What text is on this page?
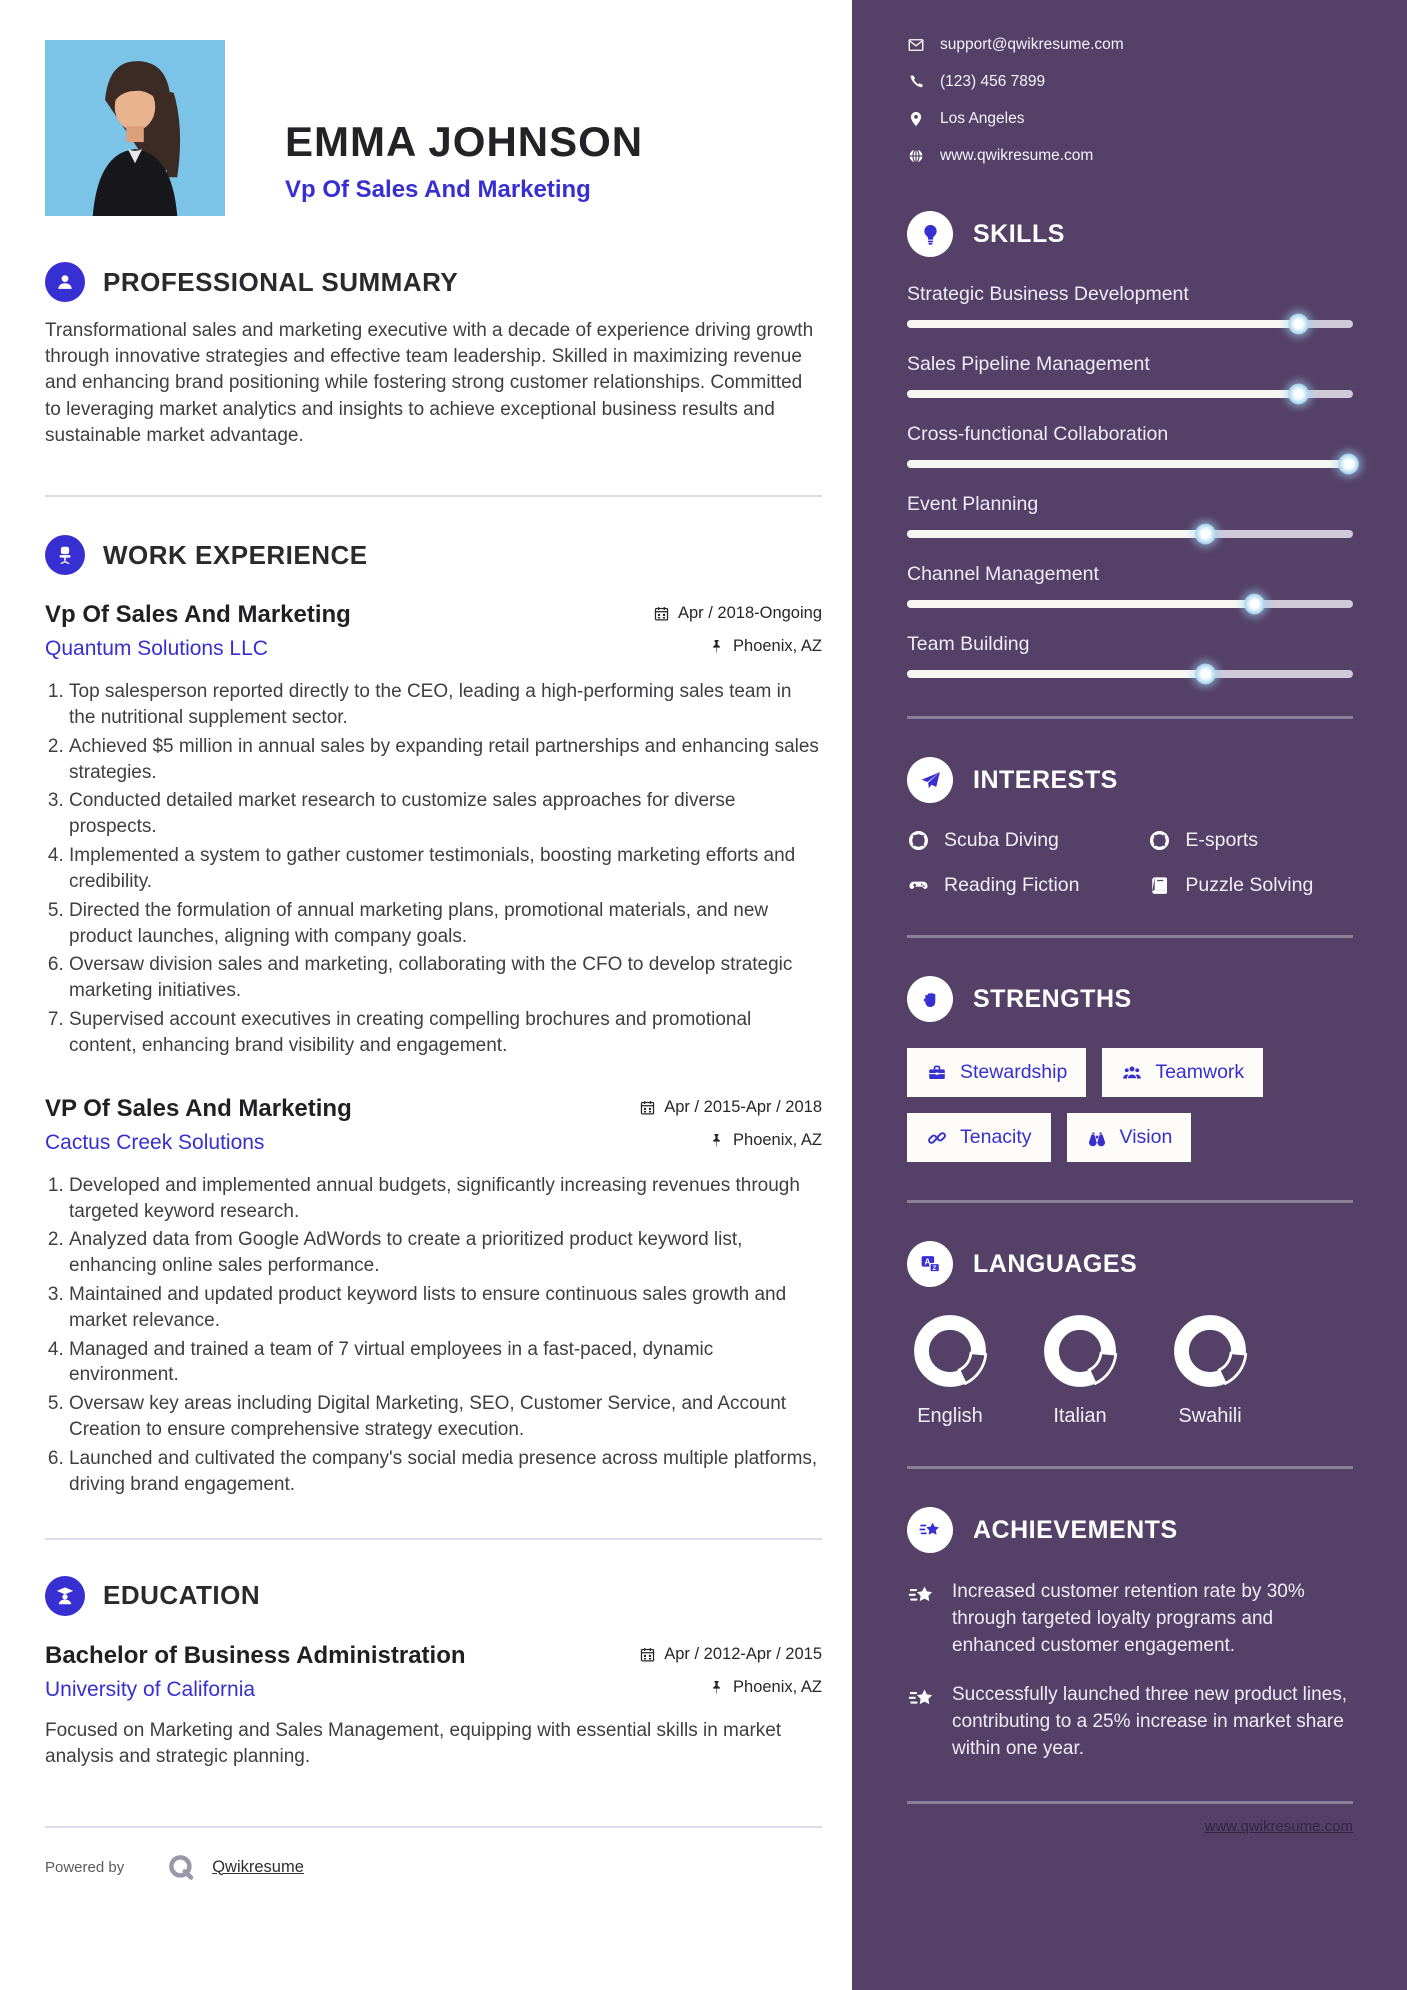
EMMA JOHNSON
Vp Of Sales And Marketing
PROFESSIONAL SUMMARY
Transformational sales and marketing executive with a decade of experience driving growth through innovative strategies and effective team leadership. Skilled in maximizing revenue and enhancing brand positioning while fostering strong customer relationships. Committed to leveraging market analytics and insights to achieve exceptional business results and sustainable market advantage.
WORK EXPERIENCE
Vp Of Sales And Marketing	Apr / 2018-Ongoing
Quantum Solutions LLC	Phoenix, AZ
1. Top salesperson reported directly to the CEO, leading a high-performing sales team in the nutritional supplement sector.
2. Achieved $5 million in annual sales by expanding retail partnerships and enhancing sales strategies.
3. Conducted detailed market research to customize sales approaches for diverse prospects.
4. Implemented a system to gather customer testimonials, boosting marketing efforts and credibility.
5. Directed the formulation of annual marketing plans, promotional materials, and new product launches, aligning with company goals.
6. Oversaw division sales and marketing, collaborating with the CFO to develop strategic marketing initiatives.
7. Supervised account executives in creating compelling brochures and promotional content, enhancing brand visibility and engagement.
VP Of Sales And Marketing	Apr / 2015-Apr / 2018
Cactus Creek Solutions	Phoenix, AZ
1. Developed and implemented annual budgets, significantly increasing revenues through targeted keyword research.
2. Analyzed data from Google AdWords to create a prioritized product keyword list, enhancing online sales performance.
3. Maintained and updated product keyword lists to ensure continuous sales growth and market relevance.
4. Managed and trained a team of 7 virtual employees in a fast-paced, dynamic environment.
5. Oversaw key areas including Digital Marketing, SEO, Customer Service, and Account Creation to ensure comprehensive strategy execution.
6. Launched and cultivated the company's social media presence across multiple platforms, driving brand engagement.
EDUCATION
Bachelor of Business Administration	Apr / 2012-Apr / 2015
University of California	Phoenix, AZ
Focused on Marketing and Sales Management, equipping with essential skills in market analysis and strategic planning.
Powered by	Qwikresume
support@qwikresume.com
(123) 456 7899
Los Angeles
www.qwikresume.com
SKILLS
Strategic Business Development
Sales Pipeline Management
Cross-functional Collaboration
Event Planning
Channel Management
Team Building
INTERESTS
Scuba Diving	E-sports
Reading Fiction	Puzzle Solving
STRENGTHS
Stewardship	Teamwork
Tenacity	Vision
A
Z LANGUAGES
English	Italian	Swahili
ACHIEVEMENTS
Increased customer retention rate by 30% through targeted loyalty programs and enhanced customer engagement.
Successfully launched three new product lines, contributing to a 25% increase in market share within one year.
www.qwikresume.com
